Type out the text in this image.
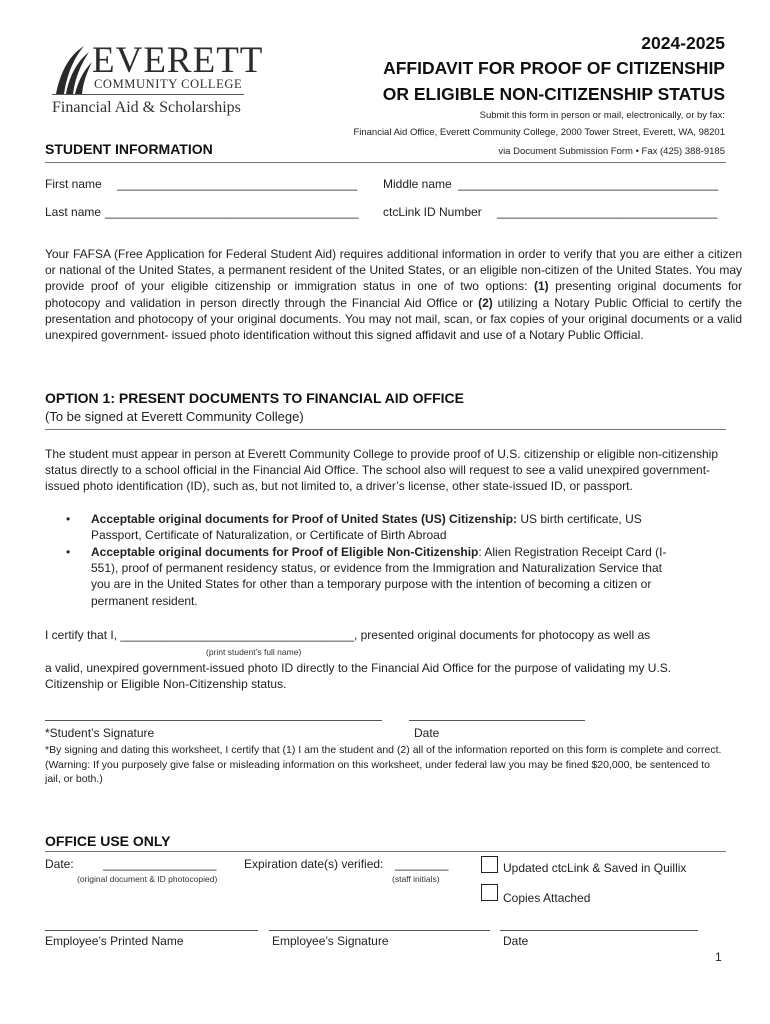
EVERETT
COMMUNITY COLLEGE
Financial Aid & Scholarships
2024-2025
AFFIDAVIT FOR PROOF OF CITIZENSHIP
OR ELIGIBLE NON-CITIZENSHIP STATUS
Submit this form in person or mail, electronically, or by fax:
Financial Aid Office, Everett Community College, 2000 Tower Street, Everett, WA, 98201
via Document Submission Form • Fax (425) 388-9185
STUDENT INFORMATION
First name ____________________________________ Middle name _______________________________________
Last name ______________________________________ ctcLink ID Number _________________________________
Your FAFSA (Free Application for Federal Student Aid) requires additional information in order to verify that you are either a citizen or national of the United States, a permanent resident of the United States, or an eligible non-citizen of the United States. You may provide proof of your eligible citizenship or immigration status in one of two options: (1) presenting original documents for photocopy and validation in person directly through the Financial Aid Office or (2) utilizing a Notary Public Official to certify the presentation and photocopy of your original documents. You may not mail, scan, or fax copies of your original documents or a valid unexpired government- issued photo identification without this signed affidavit and use of a Notary Public Official.
OPTION 1: PRESENT DOCUMENTS TO FINANCIAL AID OFFICE
(To be signed at Everett Community College)
The student must appear in person at Everett Community College to provide proof of U.S. citizenship or eligible non-citizenship status directly to a school official in the Financial Aid Office. The school also will request to see a valid unexpired government-issued photo identification (ID), such as, but not limited to, a driver’s license, other state-issued ID, or passport.
•	Acceptable original documents for Proof of United States (US) Citizenship: US birth certificate, US Passport, Certificate of Naturalization, or Certificate of Birth Abroad
•	Acceptable original documents for Proof of Eligible Non-Citizenship: Alien Registration Receipt Card (I-551), proof of permanent residency status, or evidence from the Immigration and Naturalization Service that you are in the United States for other than a temporary purpose with the intention of becoming a citizen or permanent resident.
I certify that I, ___________________________________, presented original documents for photocopy as well as
(print student’s full name)
a valid, unexpired government-issued photo ID directly to the Financial Aid Office for the purpose of validating my U.S. Citizenship or Eligible Non-Citizenship status.
*Student’s Signature	Date
*By signing and dating this worksheet, I certify that (1) I am the student and (2) all of the information reported on this form is complete and correct. (Warning: If you purposely give false or misleading information on this worksheet, under federal law you may be fined $20,000, be sentenced to jail, or both.)
OFFICE USE ONLY
Date: _________________
(original document & ID photocopied)
Expiration date(s) verified: ________
(staff initials)
Updated ctcLink & Saved in Quillix
Copies Attached
Employee’s Printed Name	Employee’s Signature	Date
1
